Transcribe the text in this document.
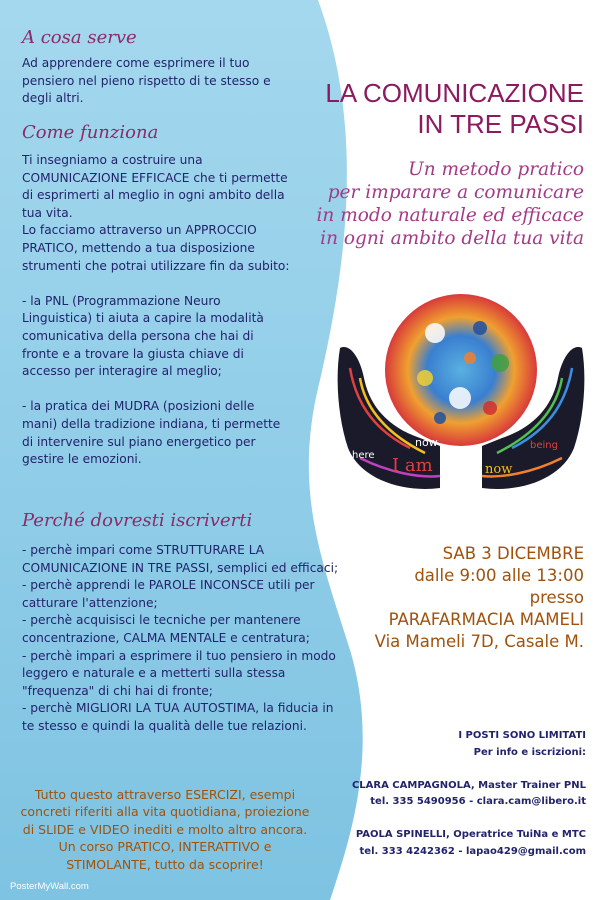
A cosa serve

Ad apprendere come esprimere il tuo
pensiero nel pieno rispetto di te stesso e
degli altri.

Come funziona

Ti insegniamo a costruire una
COMUNICAZIONE EFFICACE che ti permette
di esprimerti al meglio in ogni ambito della
tua vita.
Lo facciamo attraverso un APPROCCIO
PRATICO, mettendo a tua disposizione
strumenti che potrai utilizzare fin da subito:

- la PNL (Programmazione Neuro
Linguistica) ti aiuta a capire la modalità
comunicativa della persona che hai di
fronte e a trovare la giusta chiave di
accesso per interagire al meglio;

- la pratica dei MUDRA (posizioni delle
mani) della tradizione indiana, ti permette
di intervenire sul piano energetico per
gestire le emozioni.

Perché dovresti iscriverti

- perchè impari come STRUTTURARE LA
COMUNICAZIONE IN TRE PASSI, semplici ed efficaci;
- perchè apprendi le PAROLE INCONSCE utili per
catturare l'attenzione;
- perchè acquisisci le tecniche per mantenere
concentrazione, CALMA MENTALE e centratura;
- perchè impari a esprimere il tuo pensiero in modo
leggero e naturale e a metterti sulla stessa
"frequenza" di chi hai di fronte;
- perchè MIGLIORI LA TUA AUTOSTIMA, la fiducia in
te stesso e quindi la qualità delle tue relazioni.

Tutto questo attraverso ESERCIZI, esempi
concreti riferiti alla vita quotidiana, proiezione
di SLIDE e VIDEO inediti e molto altro ancora.
Un corso PRATICO, INTERATTIVO e
STIMOLANTE, tutto da scoprire!

LA COMUNICAZIONE
IN TRE PASSI
Un metodo pratico
per imparare a comunicare
in modo naturale ed efficace
in ogni ambito della tua vita
now
I am
here
being
now
SAB 3 DICEMBRE
dalle 9:00 alle 13:00
presso
PARAFARMACIA MAMELI
Via Mameli 7D, Casale M.
I POSTI SONO LIMITATI
Per info e iscrizioni:

CLARA CAMPAGNOLA, Master Trainer PNL
tel. 335 5490956 - clara.cam@libero.it

PAOLA SPINELLI, Operatrice TuiNa e MTC
tel. 333 4242362 - lapao429@gmail.com
PosterMyWall.com
